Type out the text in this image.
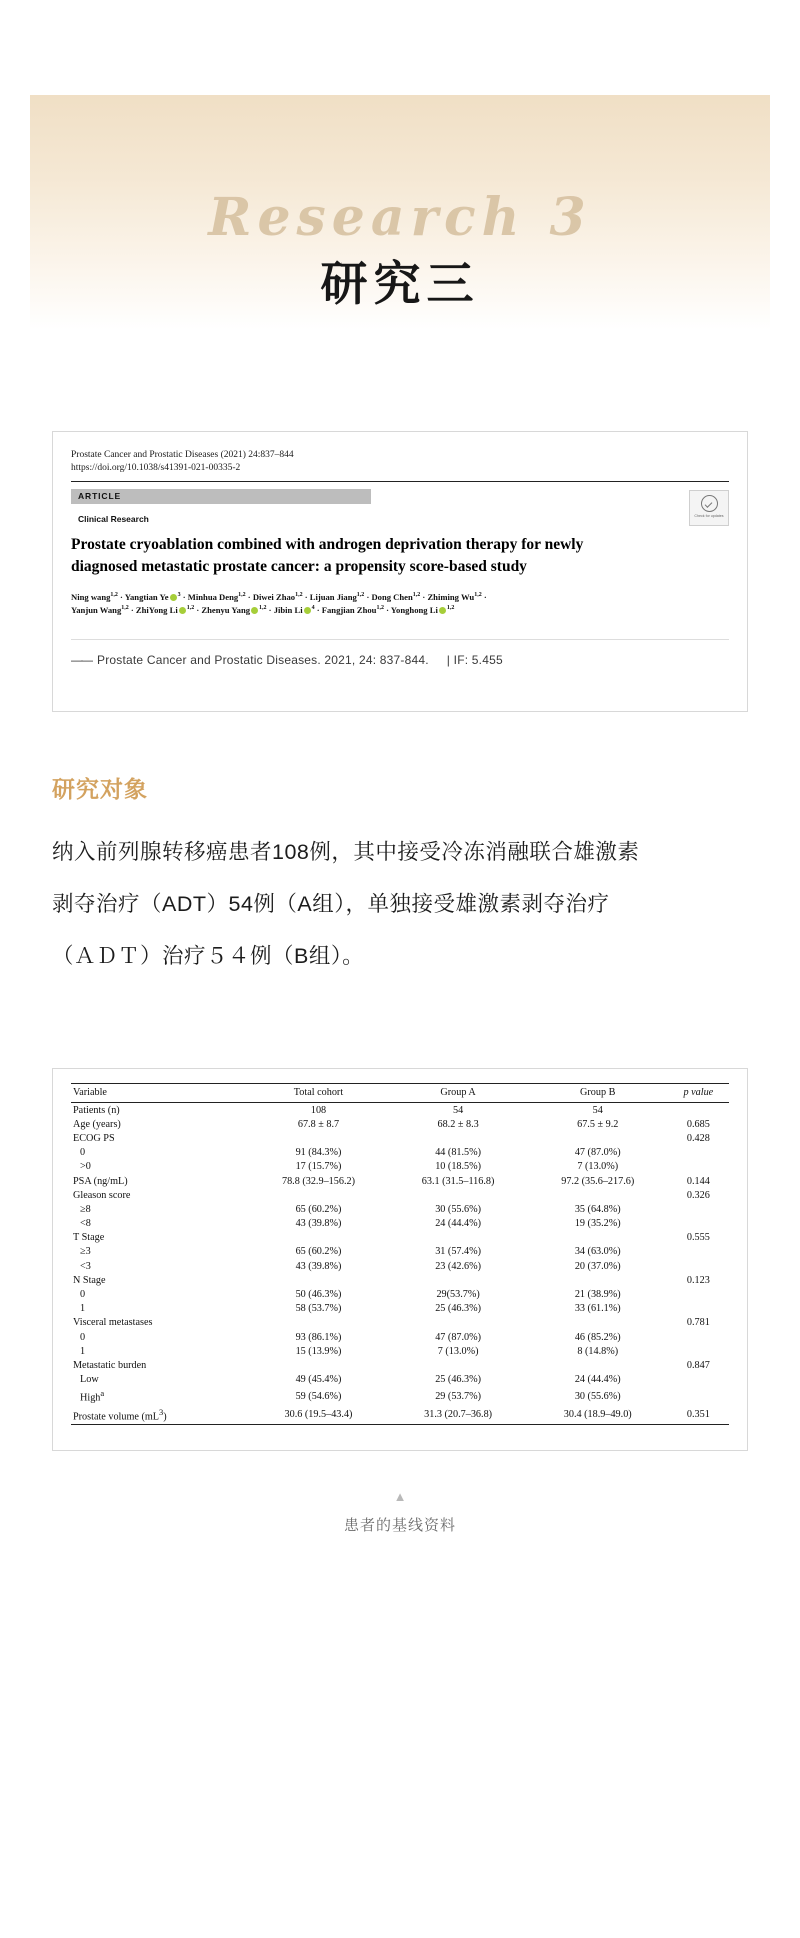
Research 3
研究三
Prostate Cancer and Prostatic Diseases (2021) 24:837–844
https://doi.org/10.1038/s41391-021-00335-2
ARTICLE
Clinical Research
Prostate cryoablation combined with androgen deprivation therapy for newly diagnosed metastatic prostate cancer: a propensity score-based study
Ning wang$^{1,2}$ · Yangtian Ye $^3$ · Minhua Deng$^{1,2}$ · Diwei Zhao$^{1,2}$ · Lijuan Jiang$^{1,2}$ · Dong Chen$^{1,2}$ · Zhiming Wu$^{1,2}$ ·
Yanjun Wang$^{1,2}$ · ZhiYong Li $^{1,2}$ · Zhenyu Yang $^{1,2}$ · Jibin Li $^4$ · Fangjian Zhou$^{1,2}$ · Yonghong Li $^{1,2}$
Check for updates
—— Prostate Cancer and Prostatic Diseases. 2021, 24: 837-844. | IF: 5.455
研究对象
纳入前列腺转移癌患者108例，其中接受冷冻消融联合雄激素剥夺治疗（ADT）54例（A组），单独接受雄激素剥夺治疗（ＡＤＴ）治疗５４例（B组）。
Variable	Total cohort	Group A	Group B	p value
Patients (n)	108	54	54	
Age (years)	67.8 ± 8.7	68.2 ± 8.3	67.5 ± 9.2	0.685
ECOG PS				0.428
0	91 (84.3%)	44 (81.5%)	47 (87.0%)	
>0	17 (15.7%)	10 (18.5%)	7 (13.0%)	
PSA (ng/mL)	78.8 (32.9–156.2)	63.1 (31.5–116.8)	97.2 (35.6–217.6)	0.144
Gleason score				0.326
≥8	65 (60.2%)	30 (55.6%)	35 (64.8%)	
<8	43 (39.8%)	24 (44.4%)	19 (35.2%)	
T Stage				0.555
≥3	65 (60.2%)	31 (57.4%)	34 (63.0%)	
<3	43 (39.8%)	23 (42.6%)	20 (37.0%)	
N Stage				0.123
0	50 (46.3%)	29(53.7%)	21 (38.9%)	
1	58 (53.7%)	25 (46.3%)	33 (61.1%)	
Visceral metastases				0.781
0	93 (86.1%)	47 (87.0%)	46 (85.2%)	
1	15 (13.9%)	7 (13.0%)	8 (14.8%)	
Metastatic burden				0.847
Low	49 (45.4%)	25 (46.3%)	24 (44.4%)	
High$^a$	59 (54.6%)	29 (53.7%)	30 (55.6%)	
Prostate volume $(mL^3)$	30.6 (19.5–43.4)	31.3 (20.7–36.8)	30.4 (18.9–49.0)	0.351
▲
患者的基线资料
